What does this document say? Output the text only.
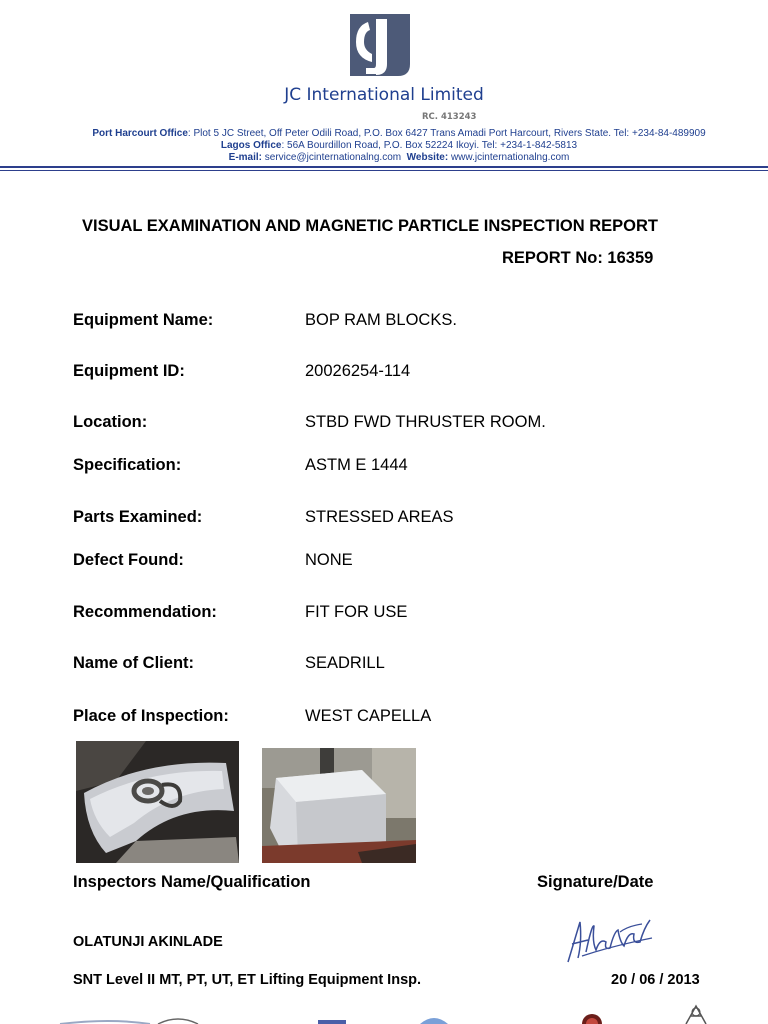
JC International Limited
RC. 413243
Port Harcourt Office: Plot 5 JC Street, Off Peter Odili Road, P.O. Box 6427 Trans Amadi Port Harcourt, Rivers State. Tel: +234-84-489909
Lagos Office: 56A Bourdillon Road, P.O. Box 52224 Ikoyi. Tel: +234-1-842-5813
E-mail: service@jcinternationalng.com Website: www.jcinternationalng.com
VISUAL EXAMINATION AND MAGNETIC PARTICLE INSPECTION REPORT
REPORT No: 16359
Equipment Name:	BOP RAM BLOCKS.
Equipment ID:	20026254-114
Location:	STBD FWD THRUSTER ROOM.
Specification:	ASTM E 1444
Parts Examined:	STRESSED AREAS
Defect Found:	NONE
Recommendation:	FIT FOR USE
Name of Client:	SEADRILL
Place of Inspection:	WEST CAPELLA
Inspectors Name/Qualification	Signature/Date
OLATUNJI AKINLADE
SNT Level II MT, PT, UT, ET Lifting Equipment Insp.	20 / 06 / 2013
